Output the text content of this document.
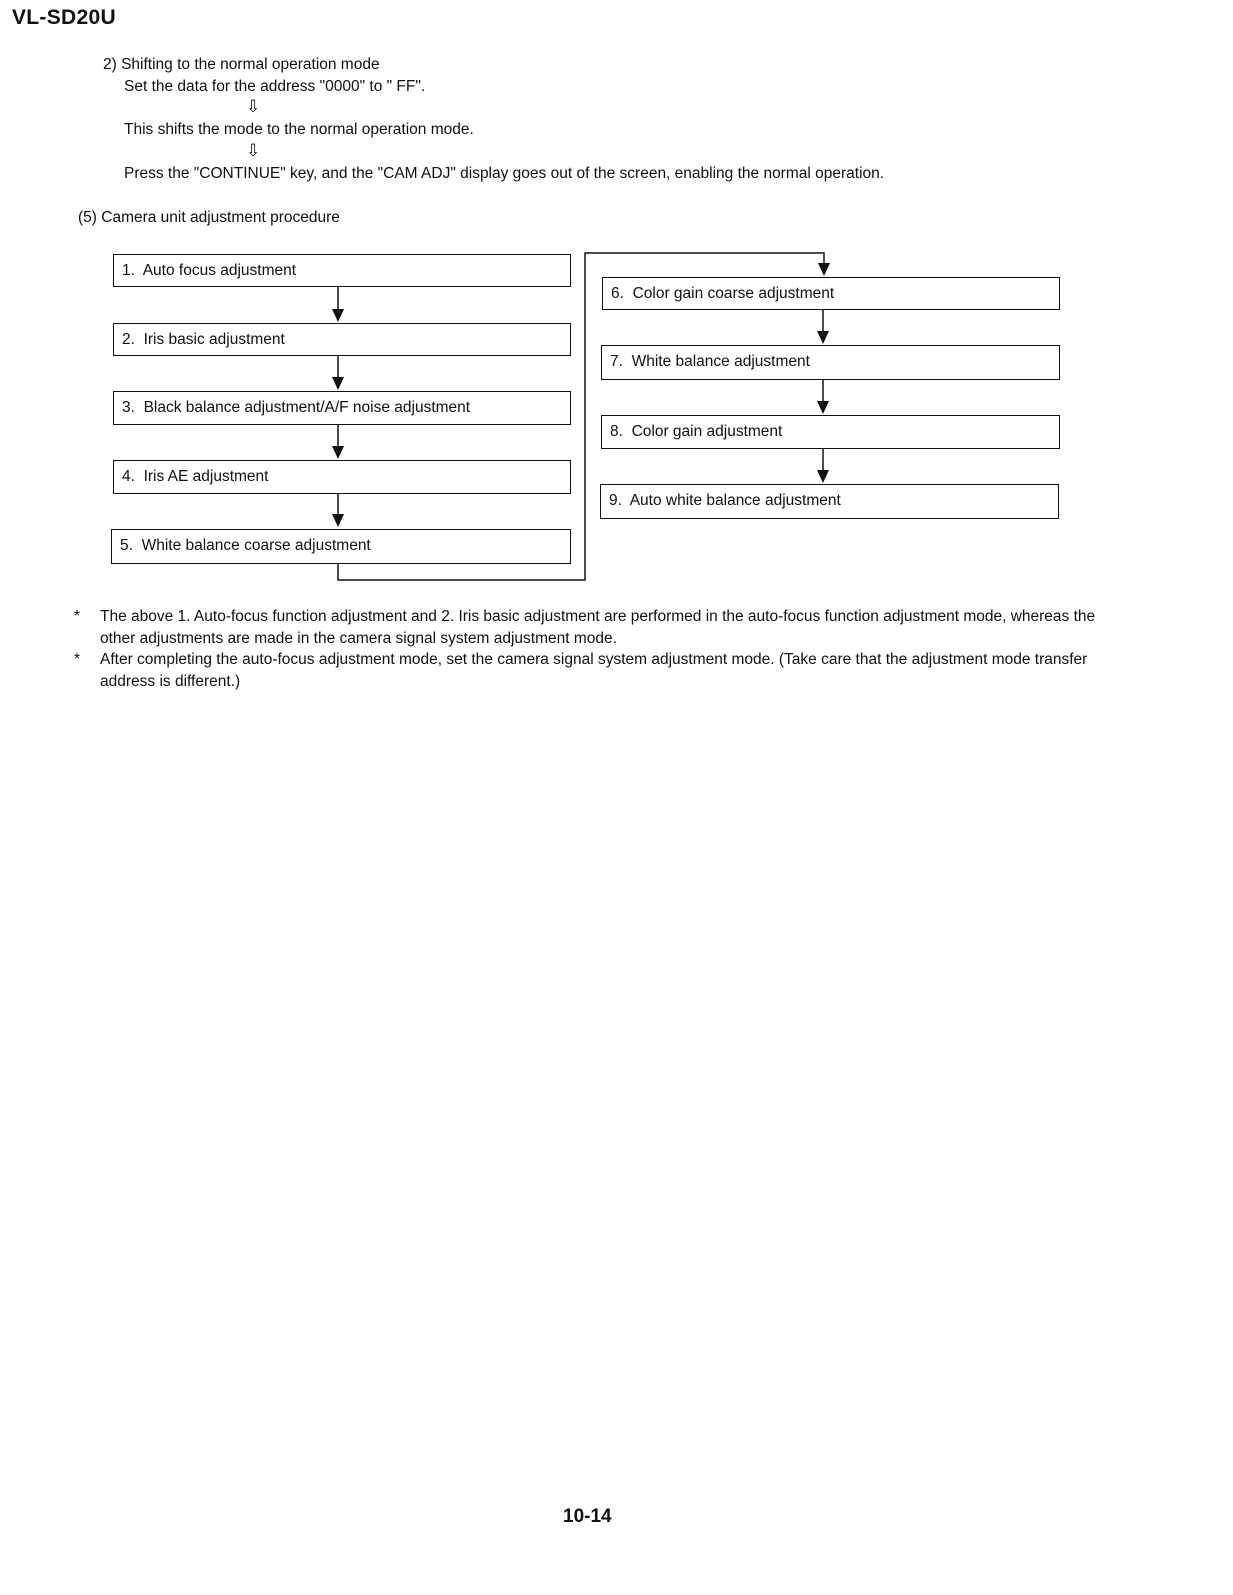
VL-SD20U
2) Shifting to the normal operation mode
Set the data for the address "0000" to " FF".
⇩
This shifts the mode to the normal operation mode.
⇩
Press the "CONTINUE" key, and the "CAM ADJ" display goes out of the screen, enabling the normal operation.
(5) Camera unit adjustment procedure
1. Auto focus adjustment
2. Iris basic adjustment
3. Black balance adjustment/A/F noise adjustment
4. Iris AE adjustment
5. White balance coarse adjustment
6. Color gain coarse adjustment
7. White balance adjustment
8. Color gain adjustment
9. Auto white balance adjustment
* The above 1. Auto-focus function adjustment and 2. Iris basic adjustment are performed in the auto-focus function adjustment mode, whereas the other adjustments are made in the camera signal system adjustment mode.
* After completing the auto-focus adjustment mode, set the camera signal system adjustment mode. (Take care that the adjustment mode transfer address is different.)
10-14
